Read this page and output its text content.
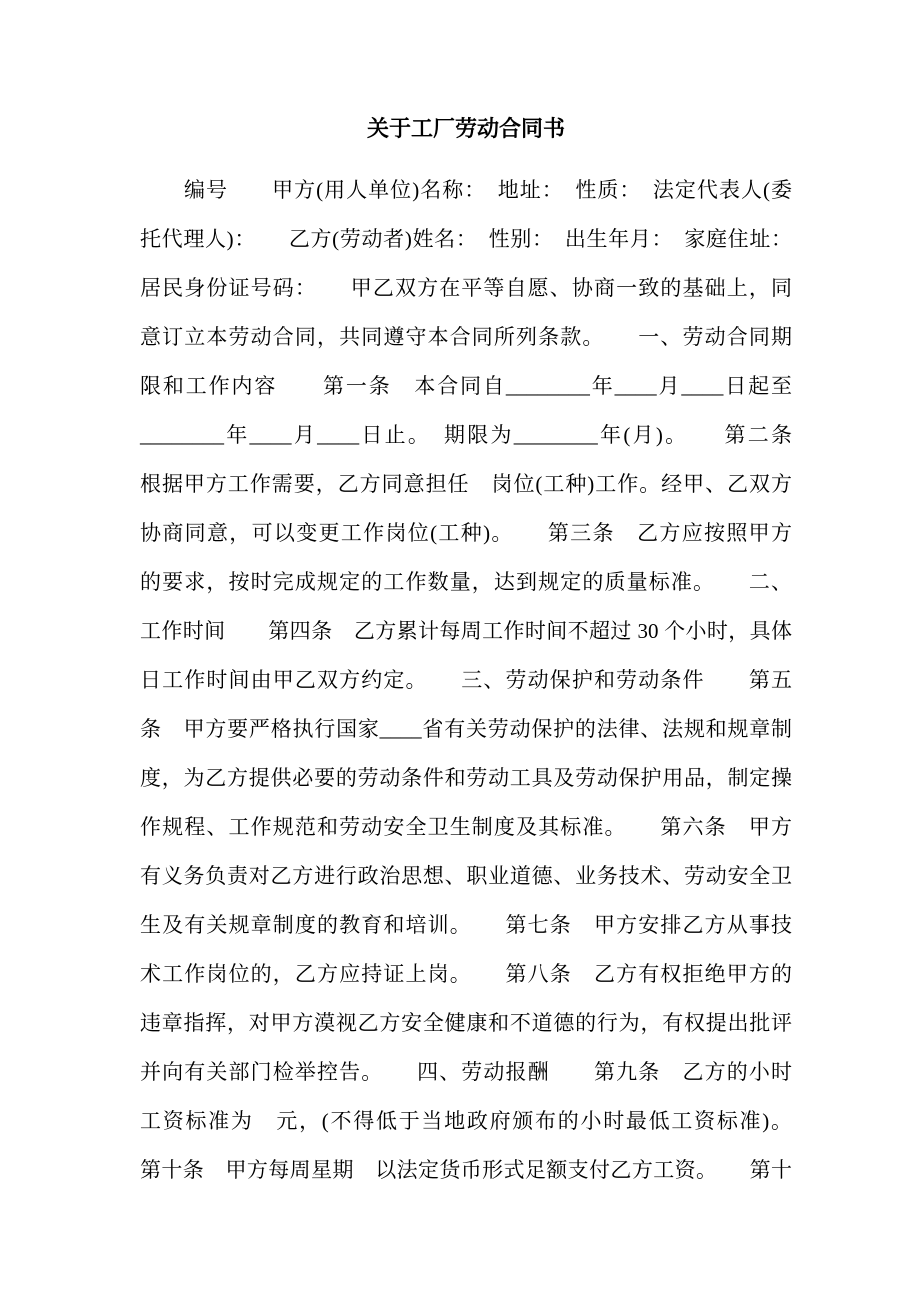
关于工厂劳动合同书

　　编号　　甲方(用人单位)名称：　地址：　性质：　法定代表人(委

托代理人)：　　乙方(劳动者)姓名：　性别：　出生年月：　家庭住址：

居民身份证号码：　　甲乙双方在平等自愿、协商一致的基础上，同

意订立本劳动合同，共同遵守本合同所列条款。　　一、劳动合同期

限和工作内容　　第一条　本合同自________年____月____日起至

________年____月____日止。　期限为________年(月)。　　第二条

根据甲方工作需要，乙方同意担任　岗位(工种)工作。经甲、乙双方

协商同意，可以变更工作岗位(工种)。　　第三条　乙方应按照甲方

的要求，按时完成规定的工作数量，达到规定的质量标准。　　二、

工作时间　　第四条　乙方累计每周工作时间不超过 30 个小时，具体

日工作时间由甲乙双方约定。　　三、劳动保护和劳动条件　　第五

条　甲方要严格执行国家____省有关劳动保护的法律、法规和规章制

度，为乙方提供必要的劳动条件和劳动工具及劳动保护用品，制定操

作规程、工作规范和劳动安全卫生制度及其标准。　　第六条　甲方

有义务负责对乙方进行政治思想、职业道德、业务技术、劳动安全卫

生及有关规章制度的教育和培训。　　第七条　甲方安排乙方从事技

术工作岗位的，乙方应持证上岗。　　第八条　乙方有权拒绝甲方的

违章指挥，对甲方漠视乙方安全健康和不道德的行为，有权提出批评

并向有关部门检举控告。　　四、劳动报酬　　第九条　乙方的小时

工资标准为　元，(不得低于当地政府颁布的小时最低工资标准)。

第十条　甲方每周星期　以法定货币形式足额支付乙方工资。　　第十
